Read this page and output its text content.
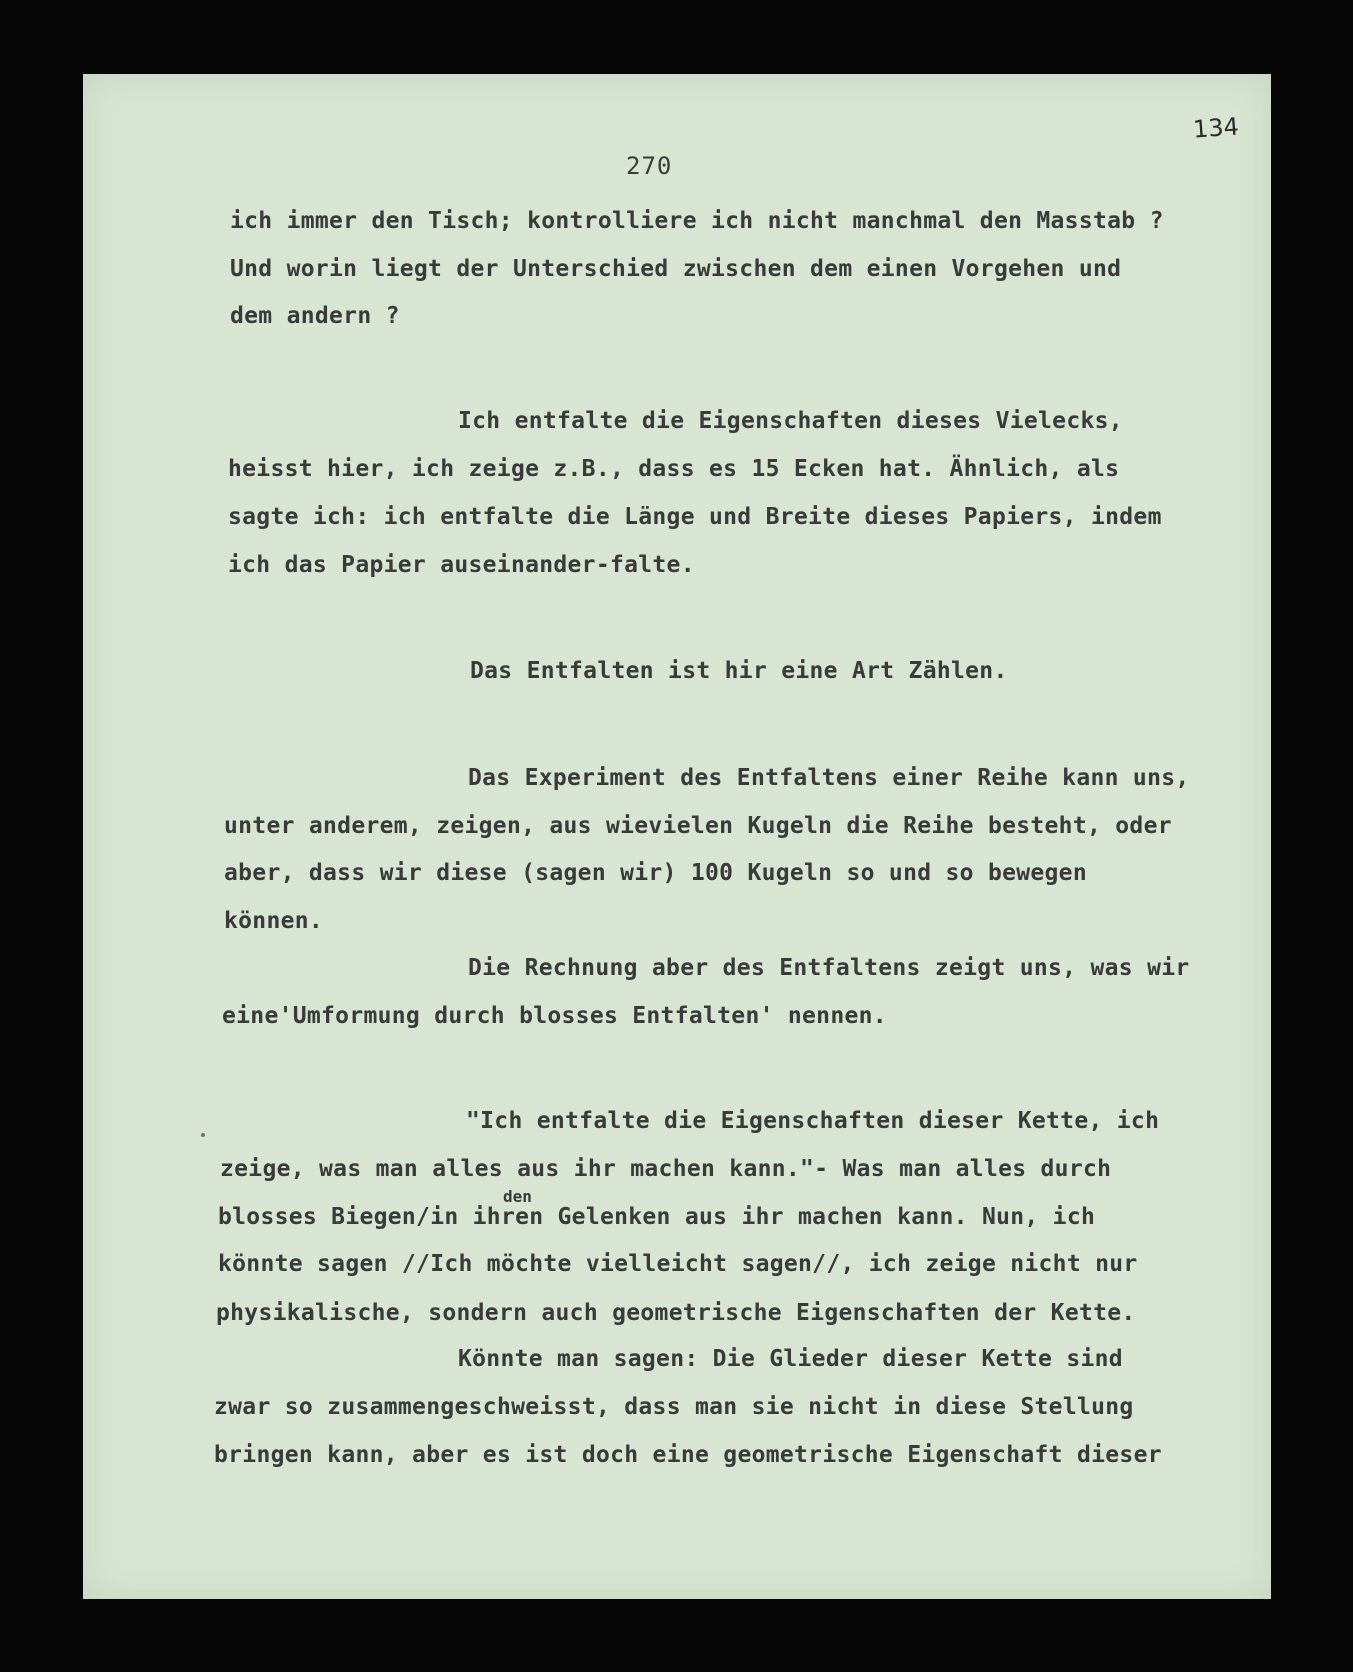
134
270
ich immer den Tisch; kontrolliere ich nicht manchmal den Masstab ?
Und worin liegt der Unterschied zwischen dem einen Vorgehen und
dem andern ?
Ich entfalte die Eigenschaften dieses Vielecks,
heisst hier, ich zeige z.B., dass es 15 Ecken hat. Ähnlich, als
sagte ich: ich entfalte die Länge und Breite dieses Papiers, indem
ich das Papier auseinander-falte.
Das Entfalten ist hir eine Art Zählen.
Das Experiment des Entfaltens einer Reihe kann uns,
unter anderem, zeigen, aus wievielen Kugeln die Reihe besteht, oder
aber, dass wir diese (sagen wir) 100 Kugeln so und so bewegen
können.
Die Rechnung aber des Entfaltens zeigt uns, was wir
eine'Umformung durch blosses Entfalten' nennen.
"Ich entfalte die Eigenschaften dieser Kette, ich
zeige, was man alles aus ihr machen kann."- Was man alles durch
den
blosses Biegen/in ihren Gelenken aus ihr machen kann. Nun, ich
könnte sagen //Ich möchte vielleicht sagen//, ich zeige nicht nur
physikalische, sondern auch geometrische Eigenschaften der Kette.
Könnte man sagen: Die Glieder dieser Kette sind
zwar so zusammengeschweisst, dass man sie nicht in diese Stellung
bringen kann, aber es ist doch eine geometrische Eigenschaft dieser
